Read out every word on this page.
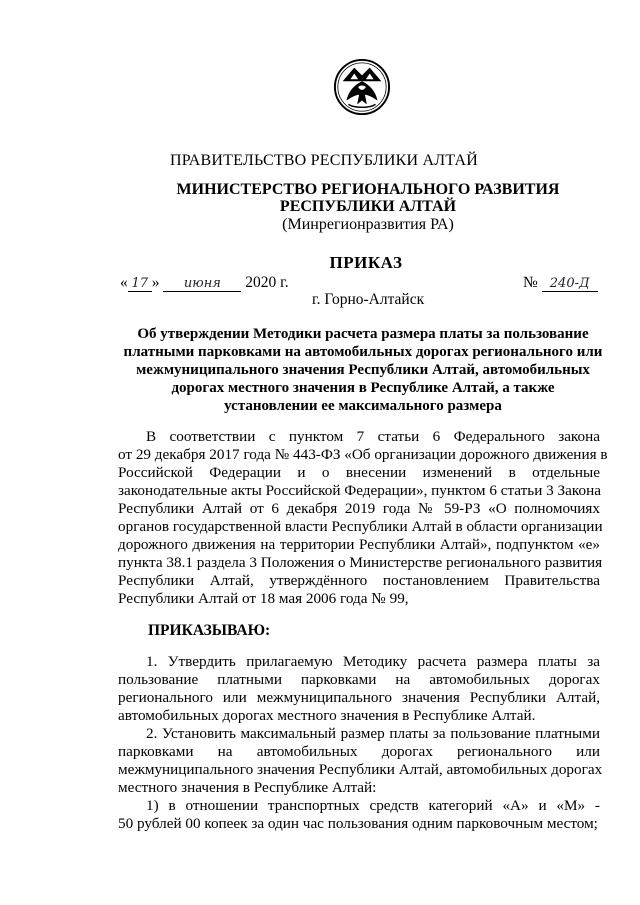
ПРАВИТЕЛЬСТВО РЕСПУБЛИКИ АЛТАЙ
МИНИСТЕРСТВО РЕГИОНАЛЬНОГО РАЗВИТИЯ
РЕСПУБЛИКИ АЛТАЙ
(Минрегионразвития РА)
ПРИКАЗ
« 17 » июня 2020 г.	№ 240-Д
г. Горно-Алтайск
Об утверждении Методики расчета размера платы за пользование
платными парковками на автомобильных дорогах регионального или
межмуниципального значения Республики Алтай, автомобильных
дорогах местного значения в Республике Алтай, а также
установлении ее максимального размера
В соответствии с пунктом 7 статьи 6 Федерального закона
от 29 декабря 2017 года № 443-ФЗ «Об организации дорожного движения в
Российской Федерации и о внесении изменений в отдельные
законодательные акты Российской Федерации», пунктом 6 статьи 3 Закона
Республики Алтай от 6 декабря 2019 года № 59-РЗ «О полномочиях
органов государственной власти Республики Алтай в области организации
дорожного движения на территории Республики Алтай», подпунктом «е»
пункта 38.1 раздела 3 Положения о Министерстве регионального развития
Республики Алтай, утверждённого постановлением Правительства
Республики Алтай от 18 мая 2006 года № 99,
ПРИКАЗЫВАЮ:
1. Утвердить прилагаемую Методику расчета размера платы за
пользование платными парковками на автомобильных дорогах
регионального или межмуниципального значения Республики Алтай,
автомобильных дорогах местного значения в Республике Алтай.
2. Установить максимальный размер платы за пользование платными
парковками на автомобильных дорогах регионального или
межмуниципального значения Республики Алтай, автомобильных дорогах
местного значения в Республике Алтай:
1) в отношении транспортных средств категорий «А» и «М» -
50 рублей 00 копеек за один час пользования одним парковочным местом;
